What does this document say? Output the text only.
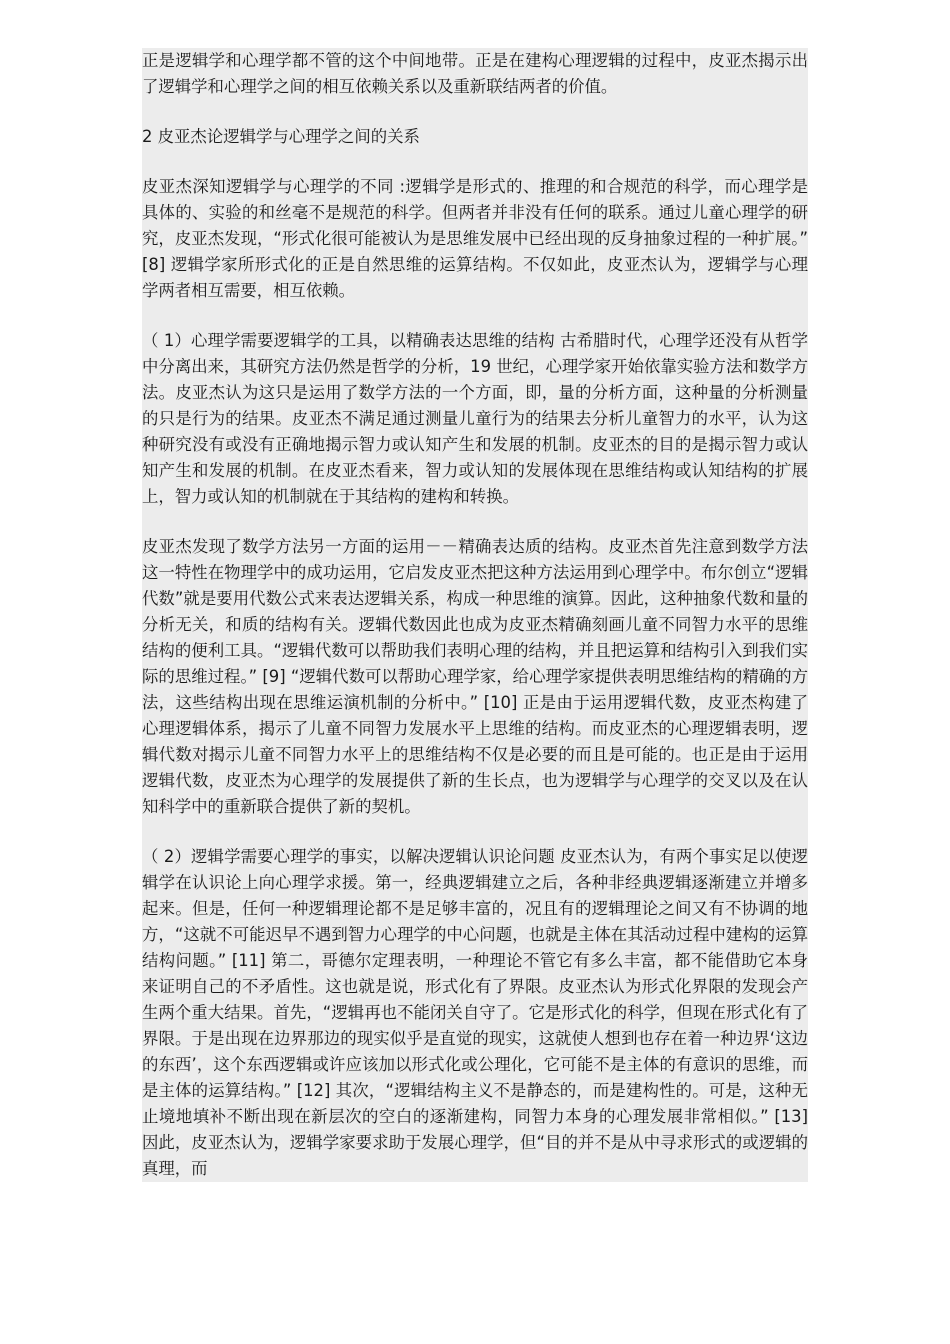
正是逻辑学和心理学都不管的这个中间地带。正是在建构心理逻辑的过程中，皮亚杰揭示出了逻辑学和心理学之间的相互依赖关系以及重新联结两者的价值。

2 皮亚杰论逻辑学与心理学之间的关系

皮亚杰深知逻辑学与心理学的不同 :逻辑学是形式的、推理的和合规范的科学，而心理学是具体的、实验的和丝毫不是规范的科学。但两者并非没有任何的联系。通过儿童心理学的研究，皮亚杰发现，“形式化很可能被认为是思维发展中已经出现的反身抽象过程的一种扩展。” [8] 逻辑学家所形式化的正是自然思维的运算结构。不仅如此，皮亚杰认为，逻辑学与心理学两者相互需要，相互依赖。

（ 1）心理学需要逻辑学的工具，以精确表达思维的结构 古希腊时代，心理学还没有从哲学中分离出来，其研究方法仍然是哲学的分析，19 世纪，心理学家开始依靠实验方法和数学方法。皮亚杰认为这只是运用了数学方法的一个方面，即，量的分析方面，这种量的分析测量的只是行为的结果。皮亚杰不满足通过测量儿童行为的结果去分析儿童智力的水平，认为这种研究没有或没有正确地揭示智力或认知产生和发展的机制。皮亚杰的目的是揭示智力或认知产生和发展的机制。在皮亚杰看来，智力或认知的发展体现在思维结构或认知结构的扩展上，智力或认知的机制就在于其结构的建构和转换。

皮亚杰发现了数学方法另一方面的运用－－精确表达质的结构。皮亚杰首先注意到数学方法这一特性在物理学中的成功运用，它启发皮亚杰把这种方法运用到心理学中。布尔创立“逻辑代数”就是要用代数公式来表达逻辑关系，构成一种思维的演算。因此，这种抽象代数和量的分析无关，和质的结构有关。逻辑代数因此也成为皮亚杰精确刻画儿童不同智力水平的思维结构的便利工具。“逻辑代数可以帮助我们表明心理的结构，并且把运算和结构引入到我们实际的思维过程。” [9] “逻辑代数可以帮助心理学家，给心理学家提供表明思维结构的精确的方法，这些结构出现在思维运演机制的分析中。” [10] 正是由于运用逻辑代数，皮亚杰构建了心理逻辑体系，揭示了儿童不同智力发展水平上思维的结构。而皮亚杰的心理逻辑表明，逻辑代数对揭示儿童不同智力水平上的思维结构不仅是必要的而且是可能的。也正是由于运用逻辑代数，皮亚杰为心理学的发展提供了新的生长点，也为逻辑学与心理学的交叉以及在认知科学中的重新联合提供了新的契机。

（ 2）逻辑学需要心理学的事实，以解决逻辑认识论问题 皮亚杰认为，有两个事实足以使逻辑学在认识论上向心理学求援。第一，经典逻辑建立之后，各种非经典逻辑逐渐建立并增多起来。但是，任何一种逻辑理论都不是足够丰富的，况且有的逻辑理论之间又有不协调的地方，“这就不可能迟早不遇到智力心理学的中心问题，也就是主体在其活动过程中建构的运算结构问题。” [11] 第二，哥德尔定理表明，一种理论不管它有多么丰富，都不能借助它本身来证明自己的不矛盾性。这也就是说，形式化有了界限。皮亚杰认为形式化界限的发现会产生两个重大结果。首先，“逻辑再也不能闭关自守了。它是形式化的科学，但现在形式化有了界限。于是出现在边界那边的现实似乎是直觉的现实，这就使人想到也存在着一种边界‘这边的东西’，这个东西逻辑或许应该加以形式化或公理化，它可能不是主体的有意识的思维，而是主体的运算结构。” [12] 其次，“逻辑结构主义不是静态的，而是建构性的。可是，这种无止境地填补不断出现在新层次的空白的逐渐建构，同智力本身的心理发展非常相似。” [13] 因此，皮亚杰认为，逻辑学家要求助于发展心理学，但“目的并不是从中寻求形式的或逻辑的真理，而
